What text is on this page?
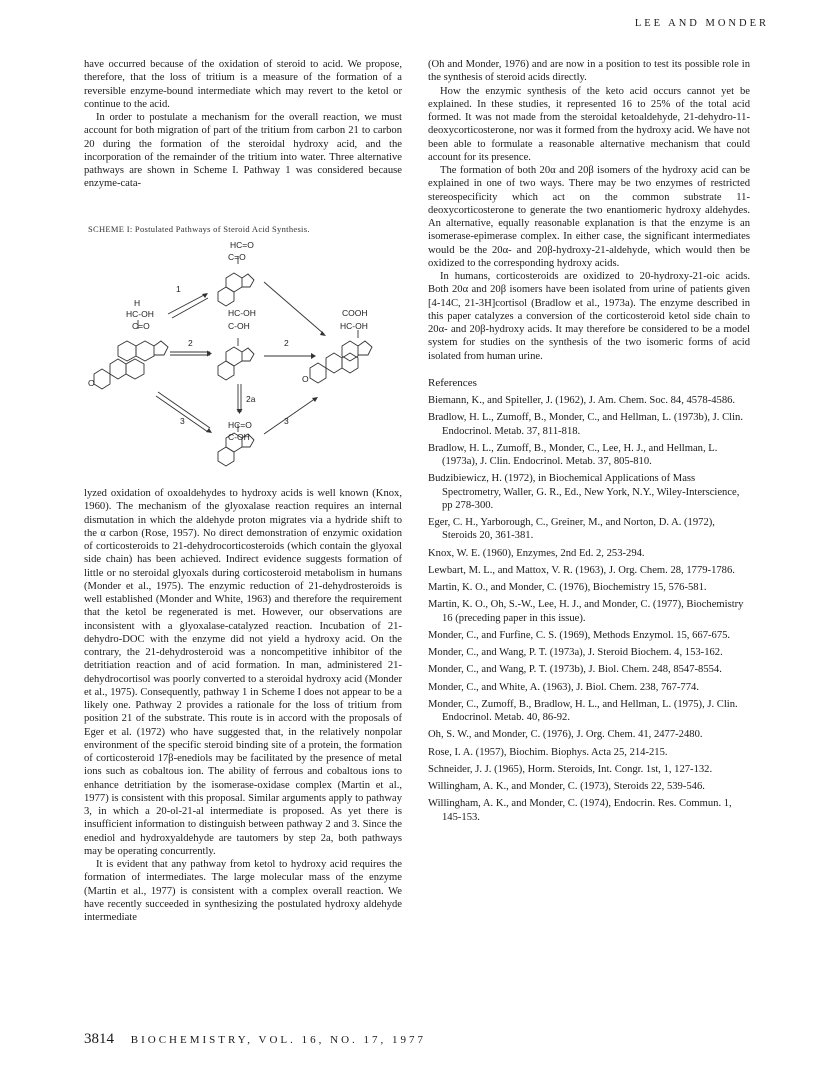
LEE AND MONDER

have occurred because of the oxidation of steroid to acid. We propose, therefore, that the loss of tritium is a measure of the formation of a reversible enzyme-bound intermediate which may revert to the ketol or continue to the acid.

In order to postulate a mechanism for the overall reaction, we must account for both migration of part of the tritium from carbon 21 to carbon 20 during the formation of the steroidal hydroxy acid, and the incorporation of the remainder of the tritium into water. Three alternative pathways are shown in Scheme I. Pathway 1 was considered because enzyme-cata-

SCHEME I: Postulated Pathways of Steroid Acid Synthesis.
HC=O
C=O
1
H
HC-OH
C=O
HC-OH
C-OH
COOH
HC-OH
2	2
2a
3	3
HC=O
C-OH
O	O

lyzed oxidation of oxoaldehydes to hydroxy acids is well known (Knox, 1960). The mechanism of the glyoxalase reaction requires an internal dismutation in which the aldehyde proton migrates via a hydride shift to the α carbon (Rose, 1957). No direct demonstration of enzymic oxidation of corticosteroids to 21-dehydrocorticosteroids (which contain the glyoxal side chain) has been achieved. Indirect evidence suggests formation of little or no steroidal glyoxals during corticosteroid metabolism in humans (Monder et al., 1975). The enzymic reduction of 21-dehydrosteroids is well established (Monder and White, 1963) and therefore the requirement that the ketol be regenerated is met. However, our observations are inconsistent with a glyoxalase-catalyzed reaction. Incubation of 21-dehydro-DOC with the enzyme did not yield a hydroxy acid. On the contrary, the 21-dehydrosteroid was a noncompetitive inhibitor of the detritiation reaction and of acid formation. In man, administered 21-dehydrocortisol was poorly converted to a steroidal hydroxy acid (Monder et al., 1975). Consequently, pathway 1 in Scheme I does not appear to be a likely one. Pathway 2 provides a rationale for the loss of tritium from position 21 of the substrate. This route is in accord with the proposals of Eger et al. (1972) who have suggested that, in the relatively nonpolar environment of the specific steroid binding site of a protein, the formation of corticosteroid 17β-enediols may be facilitated by the presence of metal ions such as cobaltous ion. The ability of ferrous and cobaltous ions to enhance detritiation by the isomerase-oxidase complex (Martin et al., 1977) is consistent with this proposal. Similar arguments apply to pathway 3, in which a 20-ol-21-al intermediate is proposed. As yet there is insufficient information to distinguish between pathway 2 and 3. Since the enediol and hydroxyaldehyde are tautomers by step 2a, both pathways may be operating concurrently.

It is evident that any pathway from ketol to hydroxy acid requires the formation of intermediates. The large molecular mass of the enzyme (Martin et al., 1977) is consistent with a complex overall reaction. We have recently succeeded in synthesizing the postulated hydroxy aldehyde intermediate

(Oh and Monder, 1976) and are now in a position to test its possible role in the synthesis of steroid acids directly.

How the enzymic synthesis of the keto acid occurs cannot yet be explained. In these studies, it represented 16 to 25% of the total acid formed. It was not made from the steroidal ketoaldehyde, 21-dehydro-11-deoxycorticosterone, nor was it formed from the hydroxy acid. We have not been able to formulate a reasonable alternative mechanism that could account for its presence.

The formation of both 20α and 20β isomers of the hydroxy acid can be explained in one of two ways. There may be two enzymes of restricted stereospecificity which act on the common substrate 11-deoxycorticosterone to generate the two enantiomeric hydroxy aldehydes. An alternative, equally reasonable explanation is that the enzyme is an isomerase-epimerase complex. In either case, the significant intermediates would be the 20α- and 20β-hydroxy-21-aldehyde, which would then be oxidized to the corresponding hydroxy acids.

In humans, corticosteroids are oxidized to 20-hydroxy-21-oic acids. Both 20α and 20β isomers have been isolated from urine of patients given [4-14C, 21-3H]cortisol (Bradlow et al., 1973a). The enzyme described in this paper catalyzes a conversion of the corticosteroid ketol side chain to 20α- and 20β-hydroxy acids. It may therefore be considered to be a model system for studies on the synthesis of the two isomeric forms of acid isolated from human urine.

References
Biemann, K., and Spiteller, J. (1962), J. Am. Chem. Soc. 84, 4578-4586.
Bradlow, H. L., Zumoff, B., Monder, C., and Hellman, L. (1973b), J. Clin. Endocrinol. Metab. 37, 811-818.
Bradlow, H. L., Zumoff, B., Monder, C., Lee, H. J., and Hellman, L. (1973a), J. Clin. Endocrinol. Metab. 37, 805-810.
Budzibiewicz, H. (1972), in Biochemical Applications of Mass Spectrometry, Waller, G. R., Ed., New York, N.Y., Wiley-Interscience, pp 278-300.
Eger, C. H., Yarborough, C., Greiner, M., and Norton, D. A. (1972), Steroids 20, 361-381.
Knox, W. E. (1960), Enzymes, 2nd Ed. 2, 253-294.
Lewbart, M. L., and Mattox, V. R. (1963), J. Org. Chem. 28, 1779-1786.
Martin, K. O., and Monder, C. (1976), Biochemistry 15, 576-581.
Martin, K. O., Oh, S.-W., Lee, H. J., and Monder, C. (1977), Biochemistry 16 (preceding paper in this issue).
Monder, C., and Furfine, C. S. (1969), Methods Enzymol. 15, 667-675.
Monder, C., and Wang, P. T. (1973a), J. Steroid Biochem. 4, 153-162.
Monder, C., and Wang, P. T. (1973b), J. Biol. Chem. 248, 8547-8554.
Monder, C., and White, A. (1963), J. Biol. Chem. 238, 767-774.
Monder, C., Zumoff, B., Bradlow, H. L., and Hellman, L. (1975), J. Clin. Endocrinol. Metab. 40, 86-92.
Oh, S. W., and Monder, C. (1976), J. Org. Chem. 41, 2477-2480.
Rose, I. A. (1957), Biochim. Biophys. Acta 25, 214-215.
Schneider, J. J. (1965), Horm. Steroids, Int. Congr. 1st, 1, 127-132.
Willingham, A. K., and Monder, C. (1973), Steroids 22, 539-546.
Willingham, A. K., and Monder, C. (1974), Endocrin. Res. Commun. 1, 145-153.
3814 BIOCHEMISTRY, VOL. 16, NO. 17, 1977
